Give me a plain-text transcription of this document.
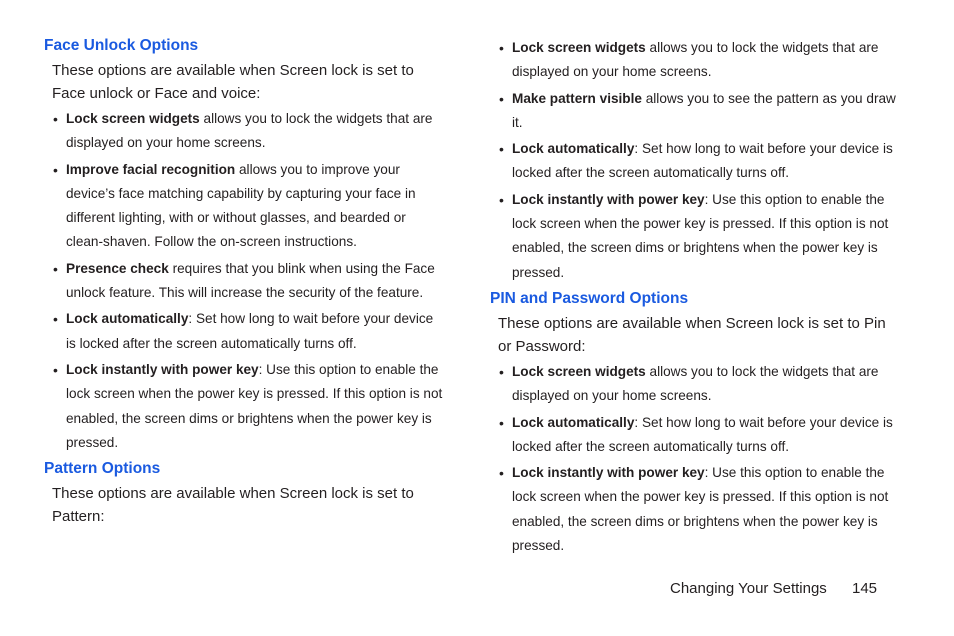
Face Unlock Options

These options are available when Screen lock is set to Face unlock or Face and voice:

• Lock screen widgets allows you to lock the widgets that are displayed on your home screens.
• Improve facial recognition allows you to improve your device’s face matching capability by capturing your face in different lighting, with or without glasses, and bearded or clean-shaven. Follow the on-screen instructions.
• Presence check requires that you blink when using the Face unlock feature. This will increase the security of the feature.
• Lock automatically: Set how long to wait before your device is locked after the screen automatically turns off.
• Lock instantly with power key: Use this option to enable the lock screen when the power key is pressed. If this option is not enabled, the screen dims or brightens when the power key is pressed.
Pattern Options

These options are available when Screen lock is set to Pattern:

• Lock screen widgets allows you to lock the widgets that are displayed on your home screens.
• Make pattern visible allows you to see the pattern as you draw it.
• Lock automatically: Set how long to wait before your device is locked after the screen automatically turns off.
• Lock instantly with power key: Use this option to enable the lock screen when the power key is pressed. If this option is not enabled, the screen dims or brightens when the power key is pressed.
PIN and Password Options

These options are available when Screen lock is set to Pin or Password:

• Lock screen widgets allows you to lock the widgets that are displayed on your home screens.
• Lock automatically: Set how long to wait before your device is locked after the screen automatically turns off.
• Lock instantly with power key: Use this option to enable the lock screen when the power key is pressed. If this option is not enabled, the screen dims or brightens when the power key is pressed.
Changing Your Settings 145
